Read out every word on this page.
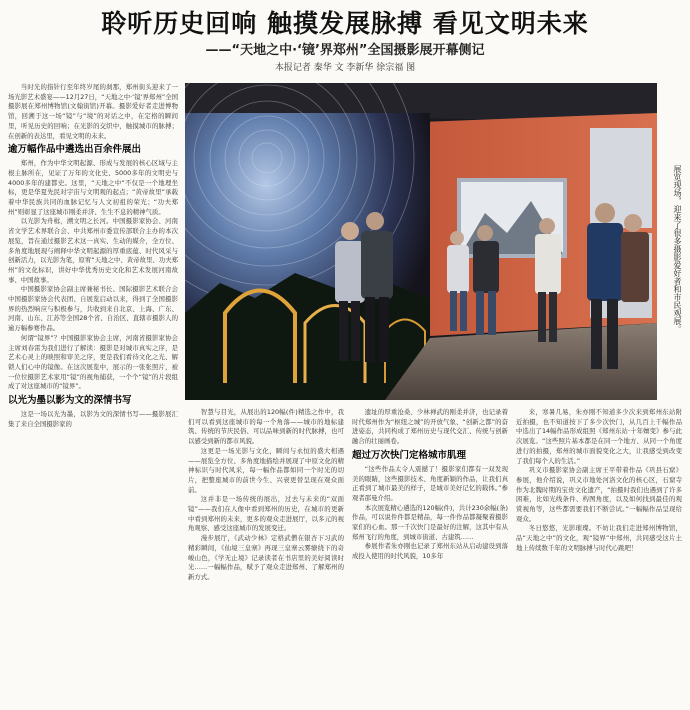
聆听历史回响 触摸发展脉搏 看见文明未来
——“天地之中·‘镜’界郑州”全国摄影展开幕侧记
本报记者 秦华 文 李新华 徐宗福 图

当时光的指针行至年终岁尾的刹那，郑州街头迎来了一场光影艺术盛宴——12月27日，“天地之中·‘镜’界郑州”全国摄影展在郑州博物馆(文翰街馆)开幕。摄影爱好者走进博物馆，回溯于这一场“镜”与“境”的对话之中，在定格的瞬间里，听见历史的回响；在光影的交织中，触摸城市的脉搏；在创新的表达里，看见文明的未来。

逾万幅作品中遴选出百余件展出

郑州，作为中华文明起源、形成与发展的核心区域与主根主脉所在，见证了万年的文化史、5000多年的文明史与4000多年的建都史。这里，“天地之中”不仅是一个地理坐标，更是华夏先民对宇宙与文明观的起点；“黄帝故里”承载着中华民族共同的血脉记忆与人文初祖的荣光；“功夫郑州”则彰显了这座城市刚柔并济、生生不息的精神气质。

以光影为舟楫，溯文明之长河。中国摄影家协会、河南省文学艺术界联合会、中共郑州市委宣传部联合主办的本次展览，旨在通过摄影艺术这一真实、生动的媒介，全方位、多角度地展现与阐释中华文明起源的厚重底蕴、时代风采与创新活力，以光影为笔，原宥“天地之中、黄帝故里、功夫郑州”的文化标识，讲好中华优秀历史文化和艺术发展河南故事、中国故事。

中国摄影家协会副主席兼秘书长、国际摄影艺术联合会中国摄影家协会代表团、自展览启动以来，得到了全国摄影界的热烈响应与积极参与，共收到来自北京、上海、广东、河南、山东、江苏等全国28个省、自治区、直辖市摄影人的逾万幅参赛作品。

何谓“镜界”？中国摄影家协会主席，河南省摄影家协会主席刘春雷为我们进行了解读：摄影是对城市真实之序，是艺术心灵上的映照和审美之序，更是我们看待文化之光、解锁人们心中的镜像。在这次展览中，展示的一张张照片，被一位位摄影艺术家用“镜”的视角捕获，一个个“镜”的片段组成了对这座城市的“镜界”。

以光为墨以影为文的深情书写

这是一场以光为墨，以影为文的深情书写——摄影展汇集了来自全国摄影家的

展览现场，迎来了很多摄影爱好者和市民观展。

智慧与目光，从展出的120幅(件)精选之作中，我们可以看到这座城市的每一个角落——城市的地标建筑、传统的节庆民俗、可以品味到新的时代脉搏，也可以感受到新的都市风貌。

这更是一场光影与文化，瞬间与永恒的盛大相遇——展览全方位、多角度地描绘并展现了中原文化的精神标识与时代风采，每一幅作品都如同一个时光的切片，把整座城市的前世今生、兴衰更替呈现在观众面前。

这并非是一场传统的展出，过去与未来的“双面镜”——我们在人像中看到郑州的历史，在城市的更新中看到郑州的未来，更多的观众走进展厅，以多元的视角观察、感受这座城市的发展变迁。

漫步展厅，《武动少林》定格武僧在银杏下习武的精彩瞬间，《仙境三皇寨》再现三皇寨云雾缭绕下的奇峻山色，《学无止境》记录读者在书店里的美好阅读时光……一幅幅作品，赋予了观众走进郑州、了解郑州的新方式。

遗址的厚重沧桑、少林禅武的刚柔并济，也记录着时代郑州作为“枢纽之城”的开放气象、“创新之都”的奋进姿态，共同构成了郑州历史与现代交汇、传统与创新融合的壮丽画卷。

超过万次快门定格城市肌理

“这些作品太令人震撼了！摄影家们都有一双发现美的眼睛，这些摄影技术、角度新颖的作品，让我们真正看到了城市最美的样子，是城市美好记忆的载体。”参观者邵曼介绍。

本次展览精心遴选的120幅(件)，共计230余幅(条)作品，可以说件件都是精品，每一件作品都凝聚着摄影家们的心血。那一千次快门是最好的注解，这其中有从郑州飞行的角度，到城市街道、古建筑……

参展作者朱亦刚也记录了郑州东站从启动建设到落成投入使用的时代风貌，10多年

来，寒暑几易，朱亦刚不知道多少次来到郑州东站附近拍摄，也不知道按下了多少次快门，从几百上千幅作品中选出了14幅作品形成组照《郑州东站·十年嬗变》参与此次展览。“这些照片基本都是在同一个地方、从同一个角度进行的拍摄，郑州的城市面貌变化之大，让我感受到改变了我们每个人的生活。”

巩义市摄影家协会副主席王平带着作品《巩县石窟》参展，他介绍说，巩义市地处河洛文化的核心区，石窟寺作为北魏时期的宝贵文化遗产，“拍摄时我们也遇到了许多困难，比如光线条件、构图角度，以及如何找到最佳的观赏视角等，这些都需要我们不断尝试。”一幅幅作品呈现给观众。

冬日悠悠，光影璀璨。不妨让我们走进郑州博物馆，品“天地之中”的文化，观“镜界”中郑州，共同感受这片土地上传续数千年的文明脉搏与时代心跳吧！
